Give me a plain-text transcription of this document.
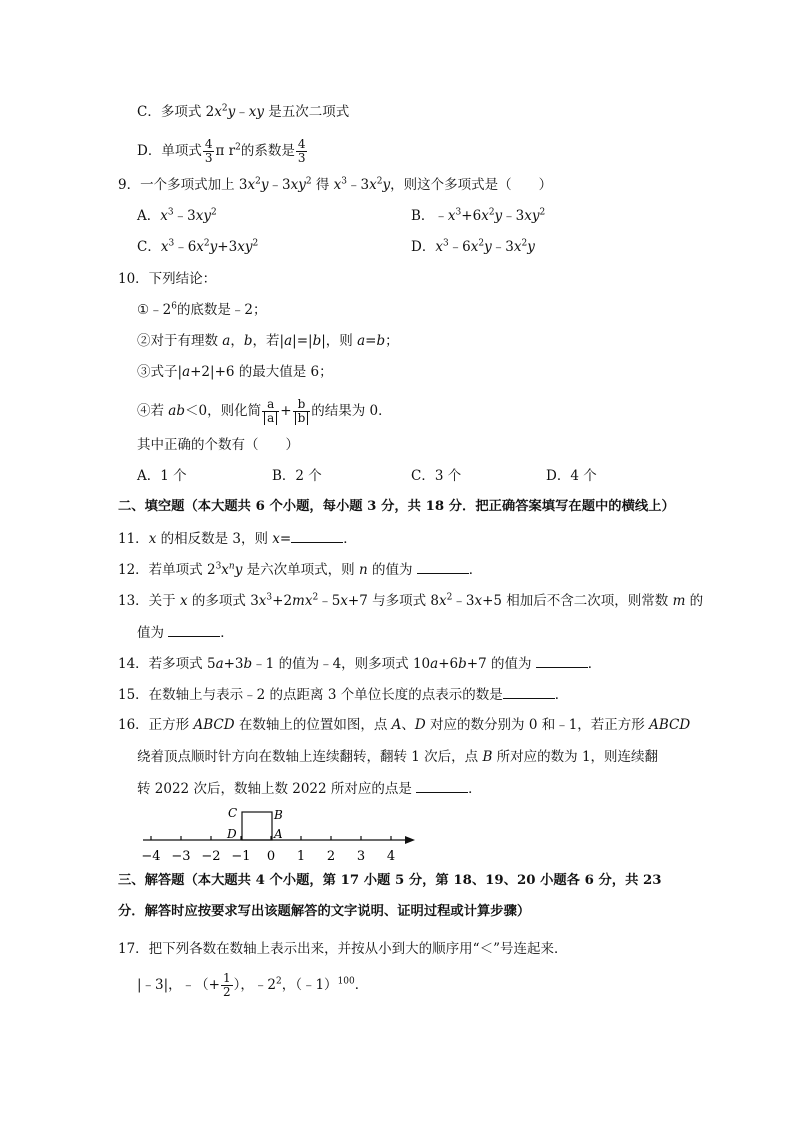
C．多项式 $2x^2y﹣xy$ 是五次二项式
D．单项式 $\frac{4}{3}$ π $r^2$的系数是 $\frac{4}{3}$
9．一个多项式加上 $3x^2y﹣3xy^2$ 得 $x^3﹣3x^2y$，则这个多项式是（　　）
A．$x^3﹣3xy^2$	B．$﹣x^3+6x^2y﹣3xy^2$
C．$x^3﹣6x^2y+3xy^2$	D．$x^3﹣6x^2y﹣3x^2y$
10．下列结论：
$①﹣2^6$的底数是﹣2；
②对于有理数 a，b，若|a|=|b|，则 a=b；
③式子|a+2|+6 的最大值是 6；
④若 ab＜0，则化简 $\frac{a}{a} + \frac{b}{b}$ 的结果为 0．
其中正确的个数有（　　）
A．1 个	B．2 个	C．3 个	D．4 个
二、填空题（本大题共 6 个小题，每小题 3 分，共 18 分．把正确答案填写在题中的横线上）
11．x 的相反数是 3，则 x=	．
12．若单项式 $2^3x^ny$ 是六次单项式，则 n 的值为	．
13．关于 x 的多项式 $3x^3+2mx^2﹣5x+7$ 与多项式 $8x^2﹣3x+5$ 相加后不含二次项，则常数 m 的
值为	．
14．若多项式 5a+3b﹣1 的值为﹣4，则多项式 10a+6b+7 的值为	．
15．在数轴上与表示﹣2 的点距离 3 个单位长度的点表示的数是	．
16．正方形 ABCD 在数轴上的位置如图，点 A、D 对应的数分别为 0 和﹣1，若正方形 ABCD
绕着顶点顺时针方向在数轴上连续翻转，翻转 1 次后，点 B 所对应的数为 1，则连续翻
转 2022 次后，数轴上数 2022 所对应的点是	．
−4 −3 −2 −1 0 1 2 3 4
C	B
D	A
三、解答题（本大题共 4 个小题，第 17 小题 5 分，第 18、19、20 小题各 6 分，共 23
分．解答时应按要求写出该题解答的文字说明、证明过程或计算步骤）
17．把下列各数在数轴上表示出来，并按从小到大的顺序用“＜”号连起来．
|﹣3|，﹣（+ $\frac{1}{2}$ ），$﹣2^2$，（﹣1）$^{100}$．
